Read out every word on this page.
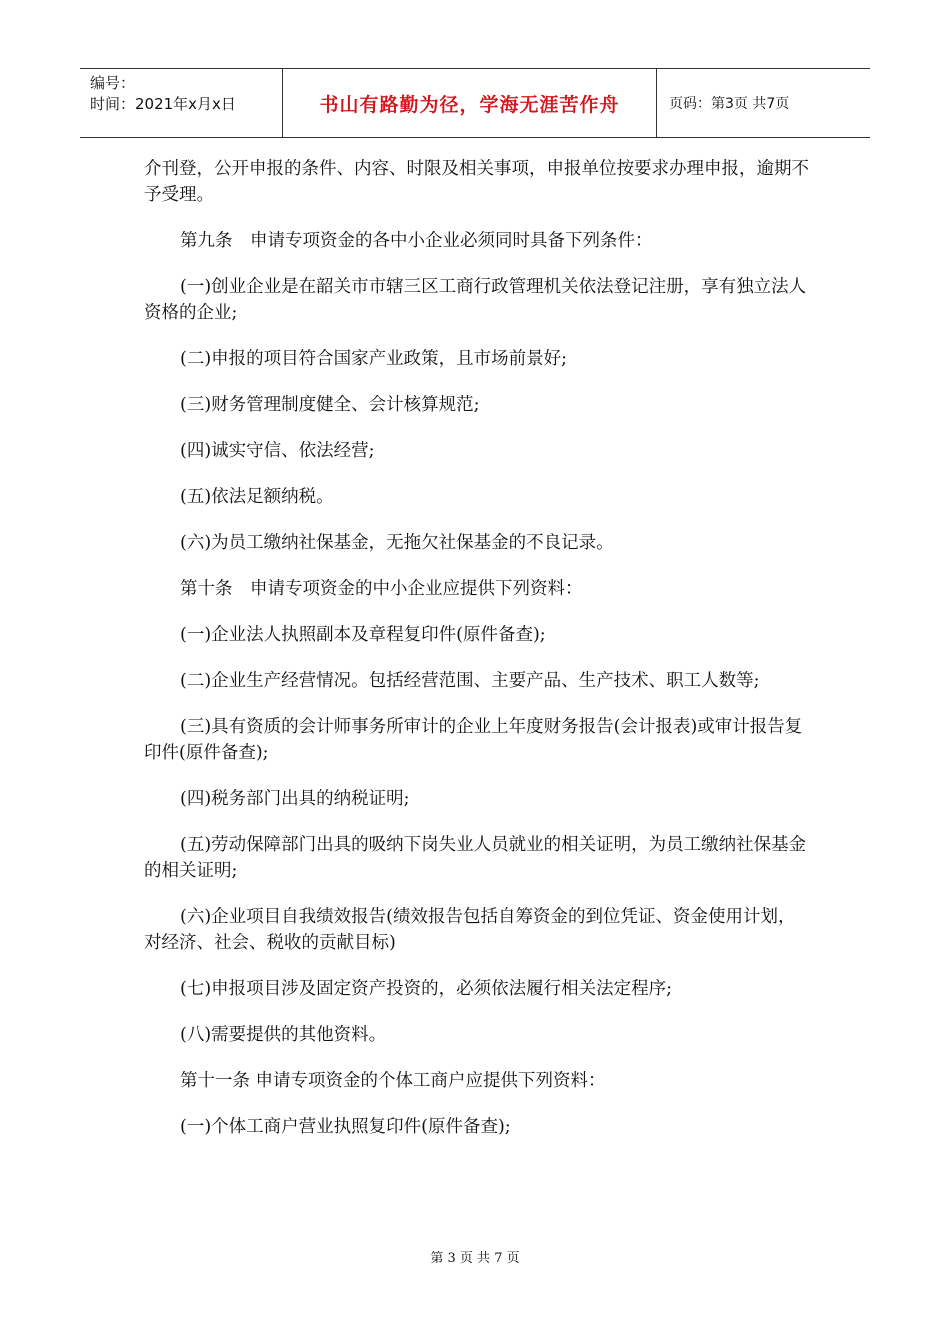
编号：
时间：2021年x月x日	书山有路勤为径，学海无涯苦作舟	页码：第3页 共7页

介刊登，公开申报的条件、内容、时限及相关事项，申报单位按要求办理申报，逾期不予受理。

第九条　申请专项资金的各中小企业必须同时具备下列条件：

(一)创业企业是在韶关市市辖三区工商行政管理机关依法登记注册，享有独立法人资格的企业;

(二)申报的项目符合国家产业政策，且市场前景好;

(三)财务管理制度健全、会计核算规范;

(四)诚实守信、依法经营;

(五)依法足额纳税。

(六)为员工缴纳社保基金，无拖欠社保基金的不良记录。

第十条　申请专项资金的中小企业应提供下列资料：

(一)企业法人执照副本及章程复印件(原件备查);

(二)企业生产经营情况。包括经营范围、主要产品、生产技术、职工人数等;

(三)具有资质的会计师事务所审计的企业上年度财务报告(会计报表)或审计报告复印件(原件备查);

(四)税务部门出具的纳税证明;

(五)劳动保障部门出具的吸纳下岗失业人员就业的相关证明，为员工缴纳社保基金的相关证明;

(六)企业项目自我绩效报告(绩效报告包括自筹资金的到位凭证、资金使用计划，对经济、社会、税收的贡献目标)

(七)申报项目涉及固定资产投资的，必须依法履行相关法定程序;

(八)需要提供的其他资料。

第十一条 申请专项资金的个体工商户应提供下列资料：

(一)个体工商户营业执照复印件(原件备查);

第 3 页 共 7 页
